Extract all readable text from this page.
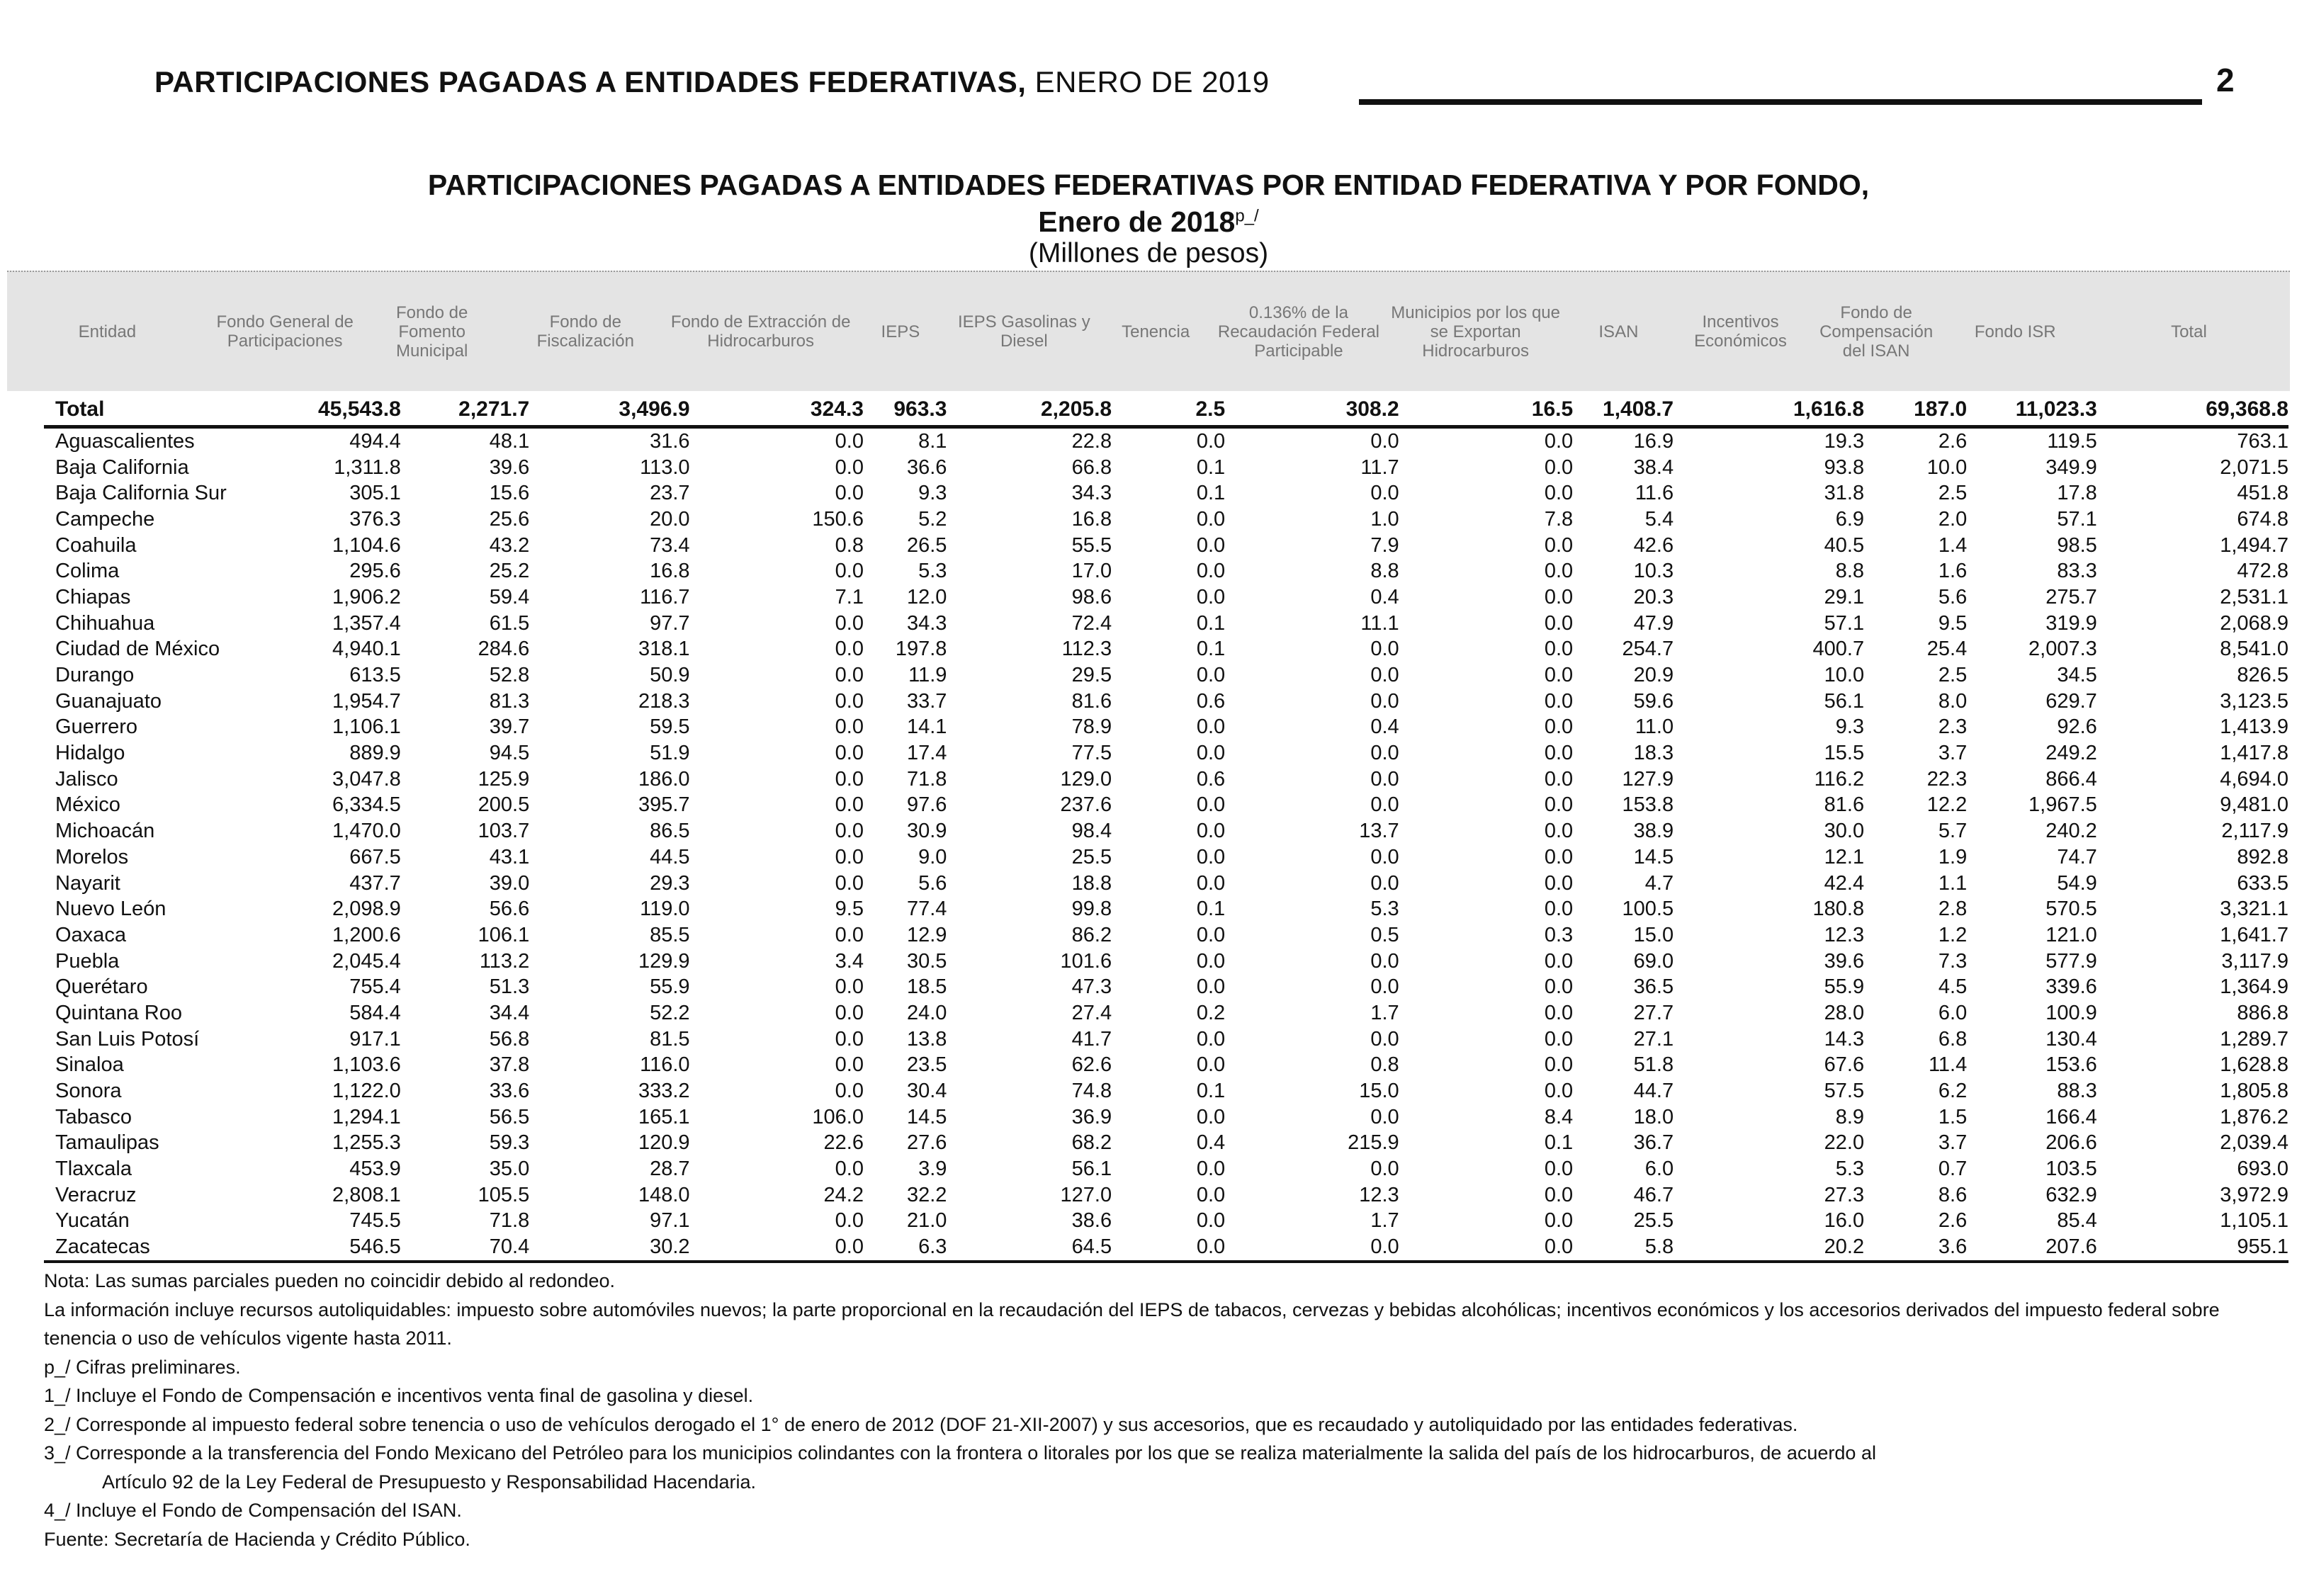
PARTICIPACIONES PAGADAS A ENTIDADES FEDERATIVAS, ENERO DE 2019	2
PARTICIPACIONES PAGADAS A ENTIDADES FEDERATIVAS POR ENTIDAD FEDERATIVA Y POR FONDO,
Enero de $2018^{p\_/}$
(Millones de pesos)
Entidad	Fondo General de Participaciones	Fondo de Fomento Municipal	Fondo de Fiscalización	Fondo de Extracción de Hidrocarburos	IEPS	IEPS Gasolinas y Diesel	Tenencia	0.136% de la Recaudación Federal Participable	Municipios por los que se Exportan Hidrocarburos	ISAN	Incentivos Económicos	Fondo de Compensación del ISAN	Fondo ISR	Total
Total	45,543.8	2,271.7	3,496.9	324.3	963.3	2,205.8	2.5	308.2	16.5	1,408.7	1,616.8	187.0	11,023.3	69,368.8
Aguascalientes	494.4	48.1	31.6	0.0	8.1	22.8	0.0	0.0	0.0	16.9	19.3	2.6	119.5	763.1
Baja California	1,311.8	39.6	113.0	0.0	36.6	66.8	0.1	11.7	0.0	38.4	93.8	10.0	349.9	2,071.5
Baja California Sur	305.1	15.6	23.7	0.0	9.3	34.3	0.1	0.0	0.0	11.6	31.8	2.5	17.8	451.8
Campeche	376.3	25.6	20.0	150.6	5.2	16.8	0.0	1.0	7.8	5.4	6.9	2.0	57.1	674.8
Coahuila	1,104.6	43.2	73.4	0.8	26.5	55.5	0.0	7.9	0.0	42.6	40.5	1.4	98.5	1,494.7
Colima	295.6	25.2	16.8	0.0	5.3	17.0	0.0	8.8	0.0	10.3	8.8	1.6	83.3	472.8
Chiapas	1,906.2	59.4	116.7	7.1	12.0	98.6	0.0	0.4	0.0	20.3	29.1	5.6	275.7	2,531.1
Chihuahua	1,357.4	61.5	97.7	0.0	34.3	72.4	0.1	11.1	0.0	47.9	57.1	9.5	319.9	2,068.9
Ciudad de México	4,940.1	284.6	318.1	0.0	197.8	112.3	0.1	0.0	0.0	254.7	400.7	25.4	2,007.3	8,541.0
Durango	613.5	52.8	50.9	0.0	11.9	29.5	0.0	0.0	0.0	20.9	10.0	2.5	34.5	826.5
Guanajuato	1,954.7	81.3	218.3	0.0	33.7	81.6	0.6	0.0	0.0	59.6	56.1	8.0	629.7	3,123.5
Guerrero	1,106.1	39.7	59.5	0.0	14.1	78.9	0.0	0.4	0.0	11.0	9.3	2.3	92.6	1,413.9
Hidalgo	889.9	94.5	51.9	0.0	17.4	77.5	0.0	0.0	0.0	18.3	15.5	3.7	249.2	1,417.8
Jalisco	3,047.8	125.9	186.0	0.0	71.8	129.0	0.6	0.0	0.0	127.9	116.2	22.3	866.4	4,694.0
México	6,334.5	200.5	395.7	0.0	97.6	237.6	0.0	0.0	0.0	153.8	81.6	12.2	1,967.5	9,481.0
Michoacán	1,470.0	103.7	86.5	0.0	30.9	98.4	0.0	13.7	0.0	38.9	30.0	5.7	240.2	2,117.9
Morelos	667.5	43.1	44.5	0.0	9.0	25.5	0.0	0.0	0.0	14.5	12.1	1.9	74.7	892.8
Nayarit	437.7	39.0	29.3	0.0	5.6	18.8	0.0	0.0	0.0	4.7	42.4	1.1	54.9	633.5
Nuevo León	2,098.9	56.6	119.0	9.5	77.4	99.8	0.1	5.3	0.0	100.5	180.8	2.8	570.5	3,321.1
Oaxaca	1,200.6	106.1	85.5	0.0	12.9	86.2	0.0	0.5	0.3	15.0	12.3	1.2	121.0	1,641.7
Puebla	2,045.4	113.2	129.9	3.4	30.5	101.6	0.0	0.0	0.0	69.0	39.6	7.3	577.9	3,117.9
Querétaro	755.4	51.3	55.9	0.0	18.5	47.3	0.0	0.0	0.0	36.5	55.9	4.5	339.6	1,364.9
Quintana Roo	584.4	34.4	52.2	0.0	24.0	27.4	0.2	1.7	0.0	27.7	28.0	6.0	100.9	886.8
San Luis Potosí	917.1	56.8	81.5	0.0	13.8	41.7	0.0	0.0	0.0	27.1	14.3	6.8	130.4	1,289.7
Sinaloa	1,103.6	37.8	116.0	0.0	23.5	62.6	0.0	0.8	0.0	51.8	67.6	11.4	153.6	1,628.8
Sonora	1,122.0	33.6	333.2	0.0	30.4	74.8	0.1	15.0	0.0	44.7	57.5	6.2	88.3	1,805.8
Tabasco	1,294.1	56.5	165.1	106.0	14.5	36.9	0.0	0.0	8.4	18.0	8.9	1.5	166.4	1,876.2
Tamaulipas	1,255.3	59.3	120.9	22.6	27.6	68.2	0.4	215.9	0.1	36.7	22.0	3.7	206.6	2,039.4
Tlaxcala	453.9	35.0	28.7	0.0	3.9	56.1	0.0	0.0	0.0	6.0	5.3	0.7	103.5	693.0
Veracruz	2,808.1	105.5	148.0	24.2	32.2	127.0	0.0	12.3	0.0	46.7	27.3	8.6	632.9	3,972.9
Yucatán	745.5	71.8	97.1	0.0	21.0	38.6	0.0	1.7	0.0	25.5	16.0	2.6	85.4	1,105.1
Zacatecas	546.5	70.4	30.2	0.0	6.3	64.5	0.0	0.0	0.0	5.8	20.2	3.6	207.6	955.1

Nota: Las sumas parciales pueden no coincidir debido al redondeo.

La información incluye recursos autoliquidables: impuesto sobre automóviles nuevos; la parte proporcional en la recaudación del IEPS de tabacos, cervezas y bebidas alcohólicas; incentivos económicos y los accesorios derivados del impuesto federal sobre tenencia o uso de vehículos vigente hasta 2011.

p_/ Cifras preliminares.

1_/ Incluye el Fondo de Compensación e incentivos venta final de gasolina y diesel.

2_/ Corresponde al impuesto federal sobre tenencia o uso de vehículos derogado el 1° de enero de 2012 (DOF 21-XII-2007) y sus accesorios, que es recaudado y autoliquidado por las entidades federativas.

3_/ Corresponde a la transferencia del Fondo Mexicano del Petróleo para los municipios colindantes con la frontera o litorales por los que se realiza materialmente la salida del país de los hidrocarburos, de acuerdo al

Artículo 92 de la Ley Federal de Presupuesto y Responsabilidad Hacendaria.

4_/ Incluye el Fondo de Compensación del ISAN.

Fuente: Secretaría de Hacienda y Crédito Público.
